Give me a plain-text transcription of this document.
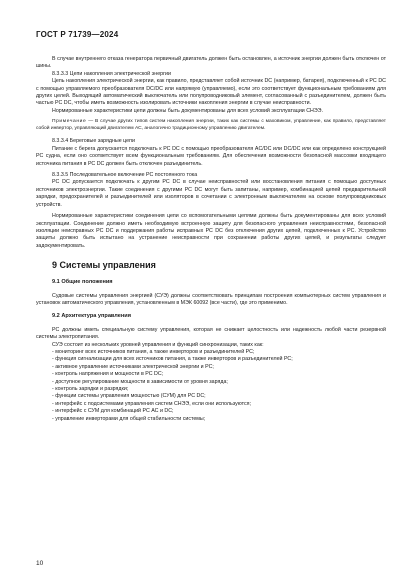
ГОСТ Р 71739—2024

В случае внутреннего отказа генератора первичный двигатель должен быть остановлен, а источник энергии должен быть отключен от шины.

8.3.3.3 Цепи накопления электрической энергии

Цепь накопления электрической энергии, как правило, представляет собой источник DC (например, батарея), подключенный к РС DC с помощью управляемого преобразователя DC/DC или напрямую (управляемо), если это соответствует функциональным требованиям для других целей. Выходящий автоматический выключатель или полупроводниковый элемент, согласованный с разъединителем, должен быть частью РС DC, чтобы иметь возможность изолировать источники накопления энергии в случае неисправности.

Нормированные характеристики цепи должны быть документированы для всех условий эксплуатации СНЭЭ.

Примечание — В случае других типов систем накопления энергии, таких как системы с маховиком, управление, как правило, представляет собой инвертор, управляющий двигателем АС, аналогично традиционному управлению двигателем.

8.3.3.4 Береговые зарядные цепи

Питание с берега допускается подключать к РС DC с помощью преобразователя AC/DC или DC/DC или как определено конструкцией РС судна, если оно соответствует всем функциональным требованиям. Для обеспечения возможности безопасной массовки входящего источника питания в РС DC должен быть отключен разъединитель.

8.3.3.5 Последовательное включение РС постоянного тока

РС DC допускается подключать к другим РС DC в случае неисправностей или восстановления питания с помощью доступных источников электроэнергии. Такие соединения с другими РС DC могут быть запитаны, например, комбинацией цепей предварительной зарядки, предохранителей и разъединителей или изоляторов в сочетании с электронным выключателем на основе полупроводниковых устройств.

Нормированные характеристики соединения цепи со вспомогательными цепями должны быть документированы для всех условий эксплуатации. Соединение должно иметь необходимую встроенную защиту для безопасного управления неисправностями, безопасной изоляции неисправных РС DC и поддержания работы исправных РС DC без отключения других цепей, подключенных к РС. Устройство защиты должно быть испытано на устранение неисправности при сохранении работы других цепей, и результаты следует задокументировать.

9 Системы управления

9.1 Общие положения

Судовые системы управления энергией (СУЭ) должны соответствовать принципам построения компьютерных систем управления и установок автоматического управления, установленным в МЭК 60092 (все части), где это применимо.

9.2 Архитектура управления

РС должны иметь специальную систему управления, которая не снижает целостность или надежность любой части резервной системы электропитания.

СУЭ состоит из нескольких уровней управления и функций синхронизации, таких как:

- мониторинг всех источников питания, а также инверторов и разъединителей РС;
- функция сигнализации для всех источников питания, а также инверторов и разъединителей РС;
- активное управление источниками электрической энергии и РС;
- контроль напряжения и мощности в РС DC;
- доступное регулирование мощности в зависимости от уровня заряда;
- контроль зарядки и разрядки;
- функции системы управления мощностью (СУМ) для РС DC;
- интерфейс с подсистемами управления систем СНЭЭ, если они используются;
- интерфейс с СУМ для комбинаций РС АС и DC;
- управление инверторами для общей стабильности системы;
10
